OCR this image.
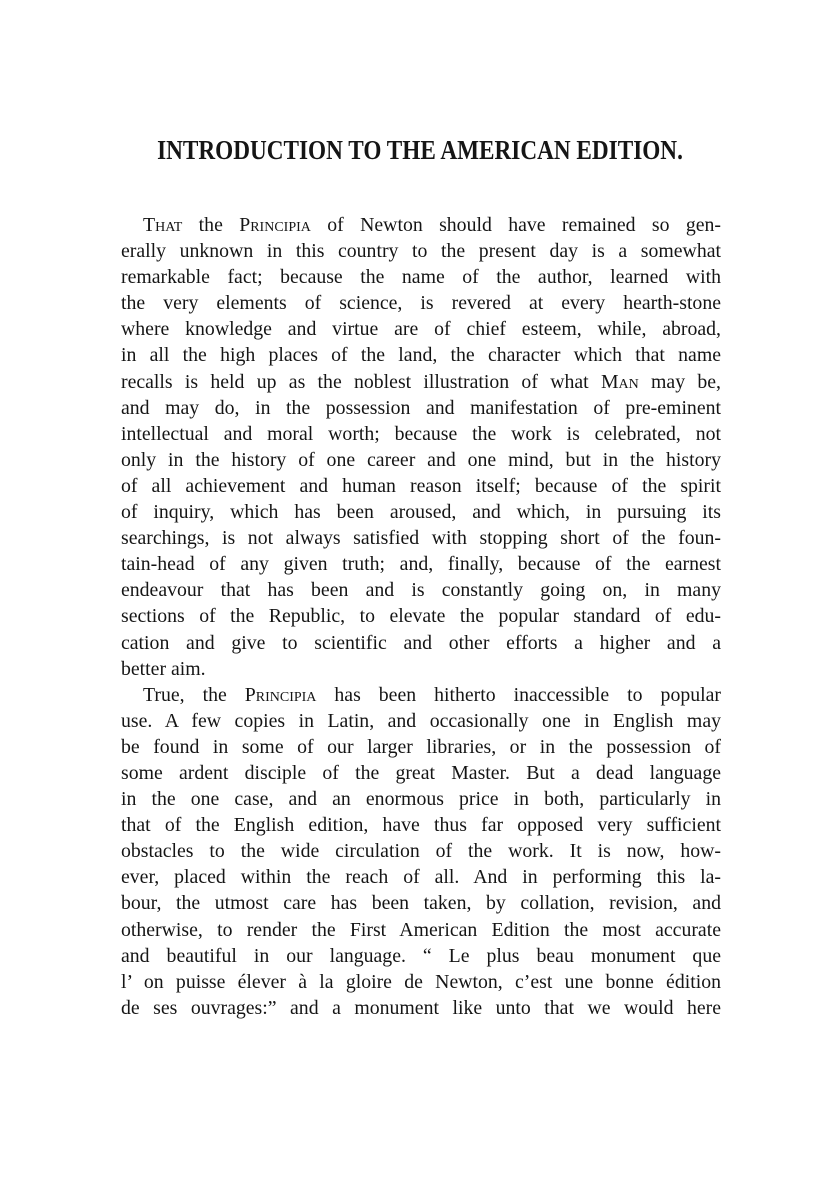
INTRODUCTION TO THE AMERICAN EDITION.
That the Principia of Newton should have remained so gen-
erally unknown in this country to the present day is a somewhat
remarkable fact; because the name of the author, learned with
the very elements of science, is revered at every hearth-stone
where knowledge and virtue are of chief esteem, while, abroad,
in all the high places of the land, the character which that name
recalls is held up as the noblest illustration of what Man may be,
and may do, in the possession and manifestation of pre-eminent
intellectual and moral worth; because the work is celebrated, not
only in the history of one career and one mind, but in the history
of all achievement and human reason itself; because of the spirit
of inquiry, which has been aroused, and which, in pursuing its
searchings, is not always satisfied with stopping short of the foun-
tain-head of any given truth; and, finally, because of the earnest
endeavour that has been and is constantly going on, in many
sections of the Republic, to elevate the popular standard of edu-
cation and give to scientific and other efforts a higher and a
better aim.
True, the Principia has been hitherto inaccessible to popular
use. A few copies in Latin, and occasionally one in English may
be found in some of our larger libraries, or in the possession of
some ardent disciple of the great Master. But a dead language
in the one case, and an enormous price in both, particularly in
that of the English edition, have thus far opposed very sufficient
obstacles to the wide circulation of the work. It is now, how-
ever, placed within the reach of all. And in performing this la-
bour, the utmost care has been taken, by collation, revision, and
otherwise, to render the First American Edition the most accurate
and beautiful in our language. “ Le plus beau monument que
l’ on puisse élever à la gloire de Newton, c’est une bonne édition
de ses ouvrages:” and a monument like unto that we would here
